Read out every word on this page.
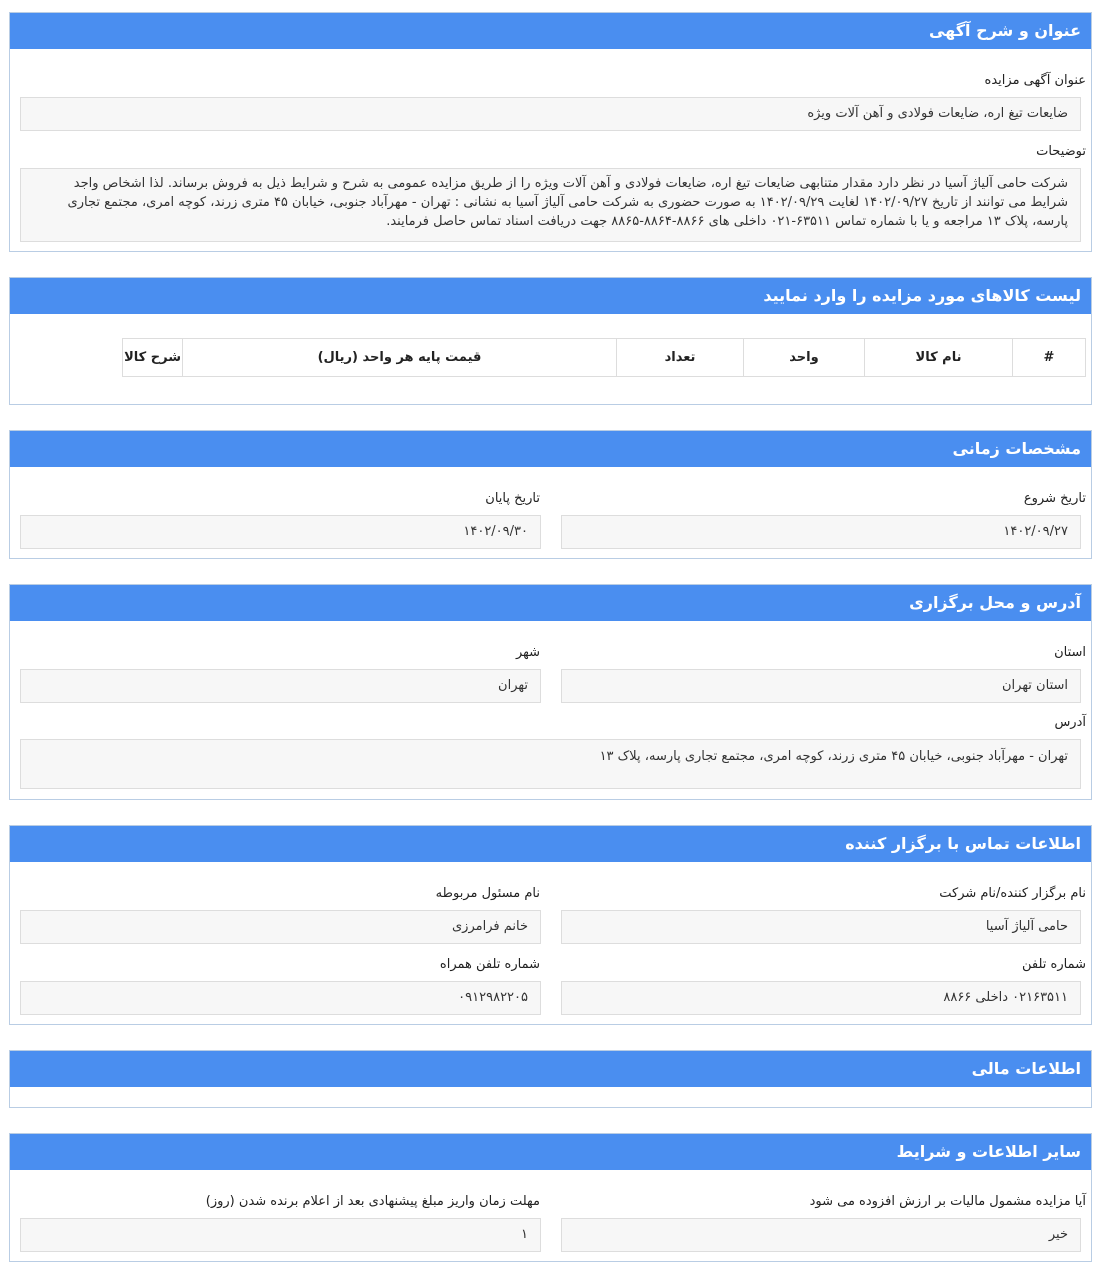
عنوان و شرح آگهی
عنوان آگهی مزایده
ضایعات تیغ اره، ضایعات فولادی و آهن آلات ویژه
توضیحات
شرکت حامی آلیاژ آسیا در نظر دارد مقدار متنابهی ضایعات تیغ اره، ضایعات فولادی و آهن آلات ویژه را از طریق مزایده عمومی به شرح و شرایط ذیل به فروش برساند. لذا اشخاص واجد شرایط می توانند از تاریخ ۱۴۰۲/۰۹/۲۷ لغایت ۱۴۰۲/۰۹/۲۹ به صورت حضوری به شرکت حامی آلیاژ آسیا به نشانی : تهران - مهرآباد جنوبی، خیابان ۴۵ متری زرند، کوچه امری، مجتمع تجاری پارسه، پلاک ۱۳ مراجعه و یا با شماره تماس ۶۳۵۱۱-۰۲۱ داخلی های ۸۸۶۶-۸۸۶۴-۸۸۶۵ جهت دریافت اسناد تماس حاصل فرمایند.
لیست کالاهای مورد مزایده را وارد نمایید
#	نام کالا	واحد	تعداد	قیمت پایه هر واحد (ریال)	شرح کالا
مشخصات زمانی
تاریخ شروع
۱۴۰۲/۰۹/۲۷
تاریخ پایان
۱۴۰۲/۰۹/۳۰
آدرس و محل برگزاری
استان
استان تهران
شهر
تهران
آدرس
تهران - مهرآباد جنوبی، خیابان ۴۵ متری زرند، کوچه امری، مجتمع تجاری پارسه، پلاک ۱۳
اطلاعات تماس با برگزار کننده
نام برگزار کننده/نام شرکت
حامی آلیاژ آسیا
نام مسئول مربوطه
خانم فرامرزی
شماره تلفن
۰۲۱۶۳۵۱۱ داخلی ۸۸۶۶
شماره تلفن همراه
۰۹۱۲۹۸۲۲۰۵
اطلاعات مالی
سایر اطلاعات و شرایط
آیا مزایده مشمول مالیات بر ارزش افزوده می شود
خیر
مهلت زمان واریز مبلغ پیشنهادی بعد از اعلام برنده شدن (روز)
۱
